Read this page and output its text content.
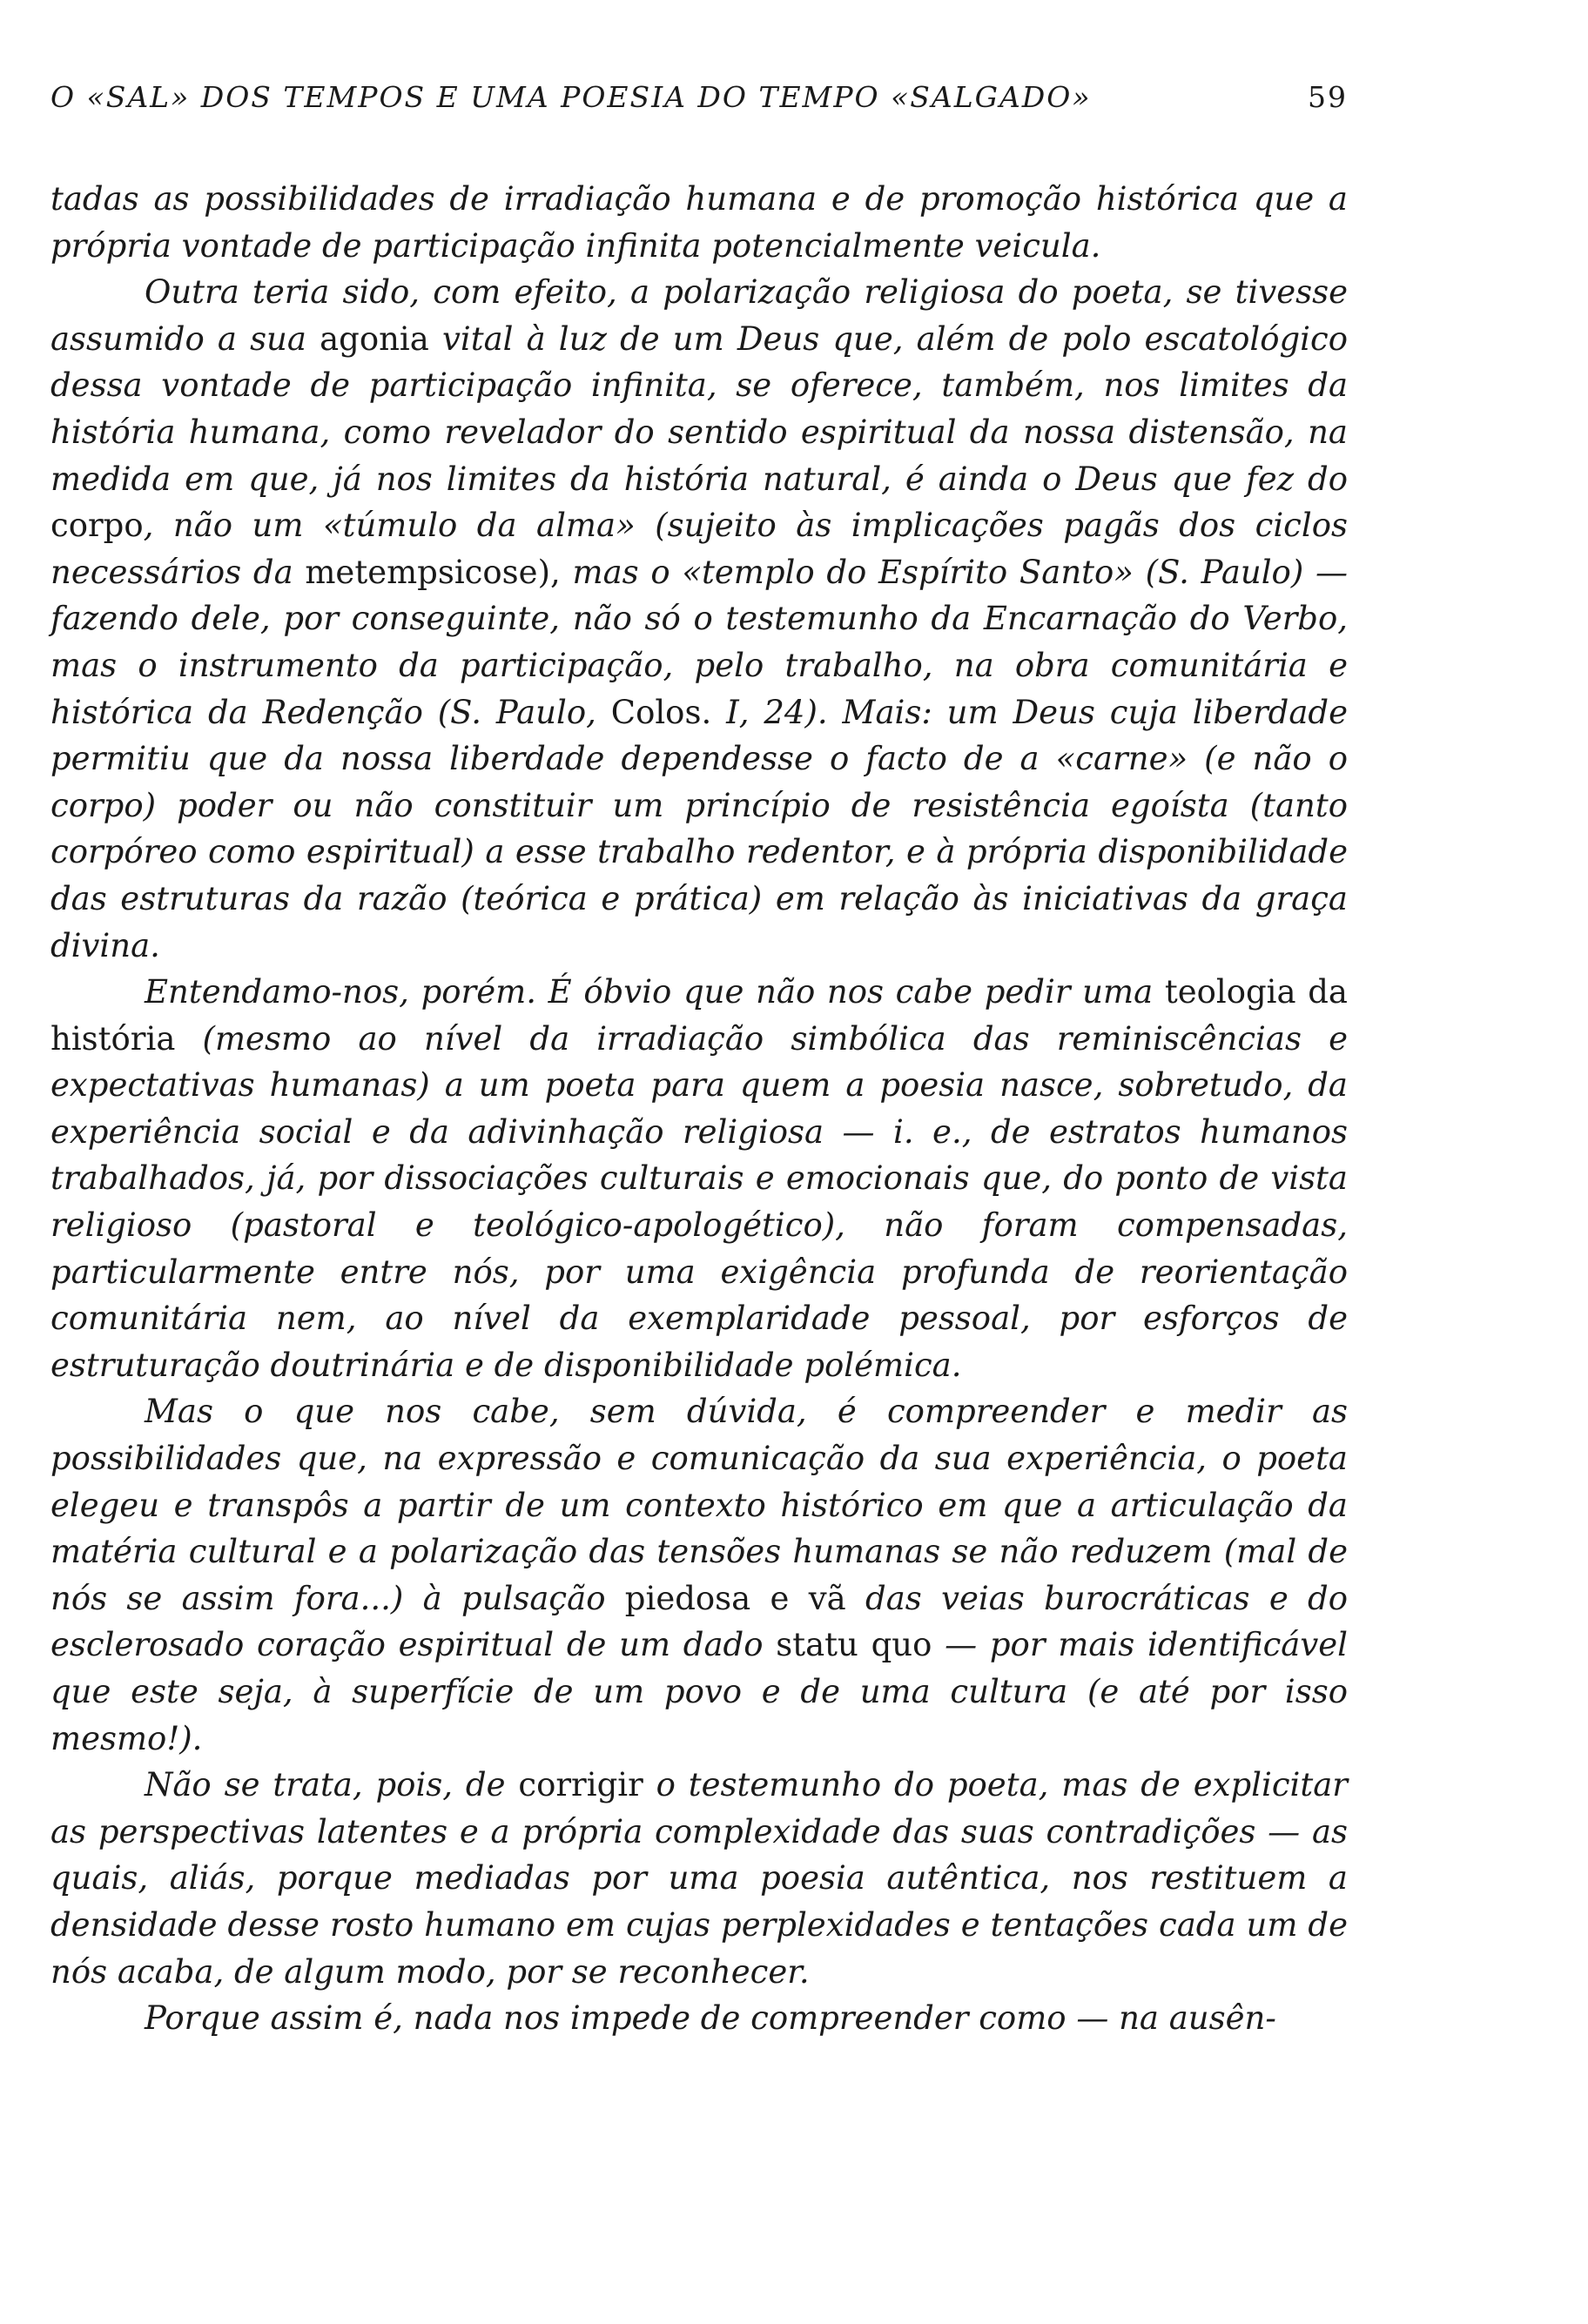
O «SAL» DOS TEMPOS E UMA POESIA DO TEMPO «SALGADO»	59

tadas as possibilidades de irradiação humana e de promoção histórica que a própria vontade de participação infinita potencialmente veicula.

Outra teria sido, com efeito, a polarização religiosa do poeta, se tivesse assumido a sua agonia vital à luz de um Deus que, além de polo escatológico dessa vontade de participação infinita, se oferece, também, nos limites da história humana, como revelador do sentido espiritual da nossa distensão, na medida em que, já nos limites da história natural, é ainda o Deus que fez do corpo, não um «túmulo da alma» (sujeito às implicações pagãs dos ciclos necessários da metempsicose), mas o «templo do Espírito Santo» (S. Paulo) — fazendo dele, por conseguinte, não só o testemunho da Encarnação do Verbo, mas o instrumento da participação, pelo trabalho, na obra comunitária e histórica da Redenção (S. Paulo, Colos. I, 24). Mais: um Deus cuja liberdade permitiu que da nossa liberdade dependesse o facto de a «carne» (e não o corpo) poder ou não constituir um princípio de resistência egoísta (tanto corpóreo como espiritual) a esse trabalho redentor, e à própria disponibilidade das estruturas da razão (teórica e prática) em relação às iniciativas da graça divina.

Entendamo-nos, porém. É óbvio que não nos cabe pedir uma teologia da história (mesmo ao nível da irradiação simbólica das reminiscências e expectativas humanas) a um poeta para quem a poesia nasce, sobretudo, da experiência social e da adivinhação religiosa — i. e., de estratos humanos trabalhados, já, por dissociações culturais e emocionais que, do ponto de vista religioso (pastoral e teológico-apologético), não foram compensadas, particularmente entre nós, por uma exigência profunda de reorientação comunitária nem, ao nível da exemplaridade pessoal, por esforços de estruturação doutrinária e de disponibilidade polémica.

Mas o que nos cabe, sem dúvida, é compreender e medir as possibilidades que, na expressão e comunicação da sua experiência, o poeta elegeu e transpôs a partir de um contexto histórico em que a articulação da matéria cultural e a polarização das tensões humanas se não reduzem (mal de nós se assim fora...) à pulsação piedosa e vã das veias burocráticas e do esclerosado coração espiritual de um dado statu quo — por mais identificável que este seja, à superfície de um povo e de uma cultura (e até por isso mesmo!).

Não se trata, pois, de corrigir o testemunho do poeta, mas de explicitar as perspectivas latentes e a própria complexidade das suas contradições — as quais, aliás, porque mediadas por uma poesia autêntica, nos restituem a densidade desse rosto humano em cujas perplexidades e tentações cada um de nós acaba, de algum modo, por se reconhecer.

Porque assim é, nada nos impede de compreender como — na ausên-
